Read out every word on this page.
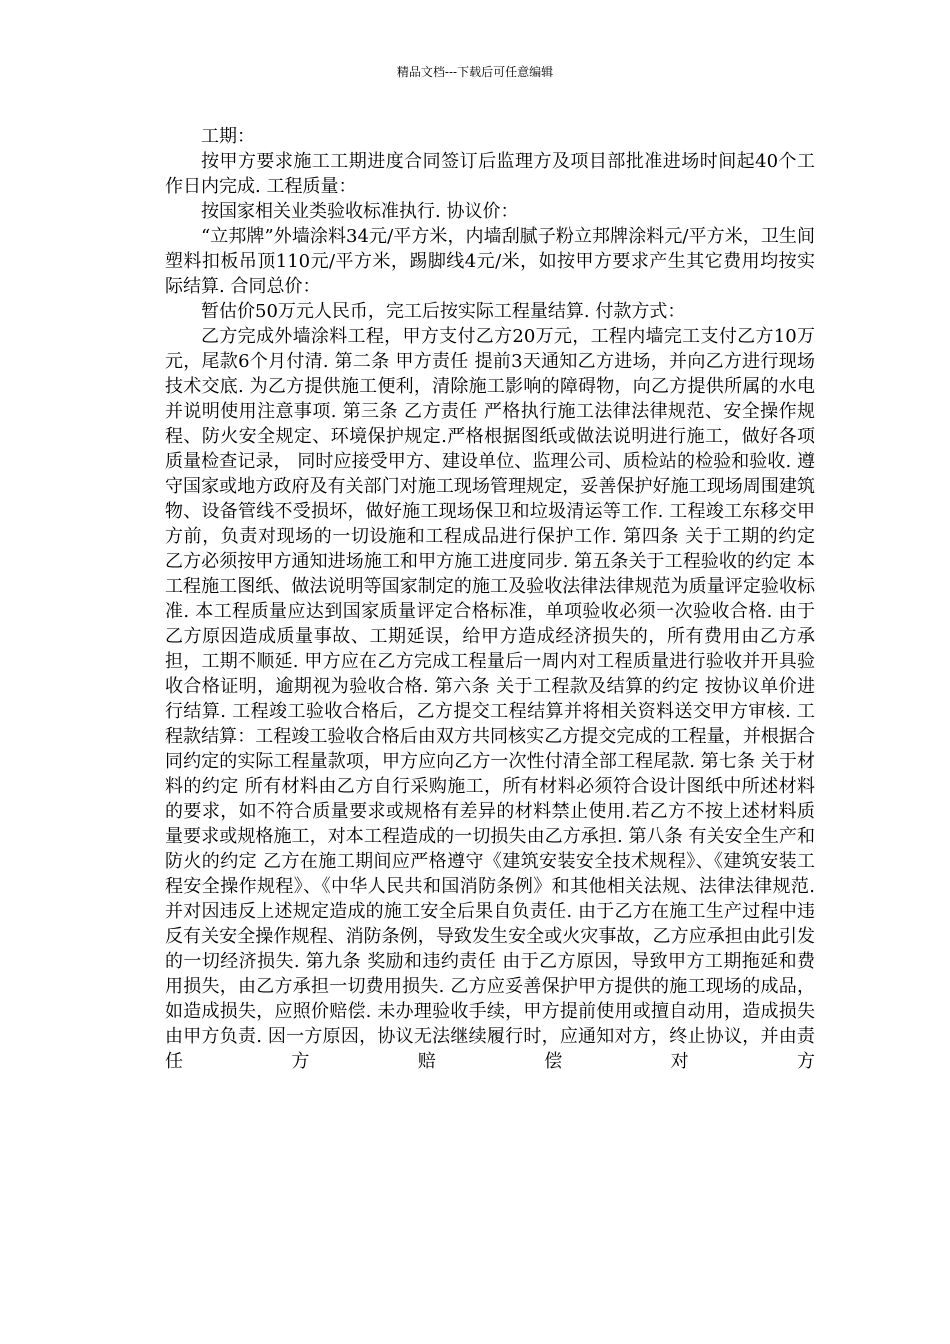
精品文档---下载后可任意编辑

工期：

按甲方要求施工工期进度合同签订后监理方及项目部批准进场时间起40个工作日内完成. 工程质量：

按国家相关业类验收标准执行. 协议价：

“立邦牌”外墙涂料34元/平方米，内墙刮腻子粉立邦牌涂料元/平方米，卫生间塑料扣板吊顶110元/平方米，踢脚线4元/米，如按甲方要求产生其它费用均按实际结算. 合同总价：

暂估价50万元人民币，完工后按实际工程量结算. 付款方式：

乙方完成外墙涂料工程，甲方支付乙方20万元，工程内墙完工支付乙方10万元，尾款6个月付清. 第二条 甲方责任 提前3天通知乙方进场，并向乙方进行现场技术交底. 为乙方提供施工便利，清除施工影响的障碍物，向乙方提供所属的水电并说明使用注意事项. 第三条 乙方责任 严格执行施工法律法律规范、安全操作规程、防火安全规定、环境保护规定.严格根据图纸或做法说明进行施工，做好各项质量检查记录， 同时应接受甲方、建设单位、监理公司、质检站的检验和验收. 遵守国家或地方政府及有关部门对施工现场管理规定，妥善保护好施工现场周围建筑物、设备管线不受损坏，做好施工现场保卫和垃圾清运等工作. 工程竣工东移交甲方前，负责对现场的一切设施和工程成品进行保护工作. 第四条 关于工期的约定 乙方必须按甲方通知进场施工和甲方施工进度同步. 第五条关于工程验收的约定 本工程施工图纸、做法说明等国家制定的施工及验收法律法律规范为质量评定验收标准. 本工程质量应达到国家质量评定合格标准，单项验收必须一次验收合格. 由于乙方原因造成质量事故、工期延误，给甲方造成经济损失的，所有费用由乙方承担，工期不顺延. 甲方应在乙方完成工程量后一周内对工程质量进行验收并开具验收合格证明，逾期视为验收合格. 第六条 关于工程款及结算的约定 按协议单价进行结算. 工程竣工验收合格后，乙方提交工程结算并将相关资料送交甲方审核. 工程款结算：工程竣工验收合格后由双方共同核实乙方提交完成的工程量，并根据合同约定的实际工程量款项，甲方应向乙方一次性付清全部工程尾款. 第七条 关于材料的约定 所有材料由乙方自行采购施工，所有材料必须符合设计图纸中所述材料的要求，如不符合质量要求或规格有差异的材料禁止使用.若乙方不按上述材料质量要求或规格施工，对本工程造成的一切损失由乙方承担. 第八条 有关安全生产和防火的约定 乙方在施工期间应严格遵守《建筑安装安全技术规程》、《建筑安装工程安全操作规程》、《中华人民共和国消防条例》和其他相关法规、法律法律规范.并对因违反上述规定造成的施工安全后果自负责任. 由于乙方在施工生产过程中违反有关安全操作规程、消防条例，导致发生安全或火灾事故，乙方应承担由此引发的一切经济损失. 第九条 奖励和违约责任 由于乙方原因，导致甲方工期拖延和费用损失，由乙方承担一切费用损失. 乙方应妥善保护甲方提供的施工现场的成品，如造成损失，应照价赔偿. 未办理验收手续，甲方提前使用或擅自动用，造成损失由甲方负责. 因一方原因，协议无法继续履行时，应通知对方，终止协议，并由责任方赔偿对方
